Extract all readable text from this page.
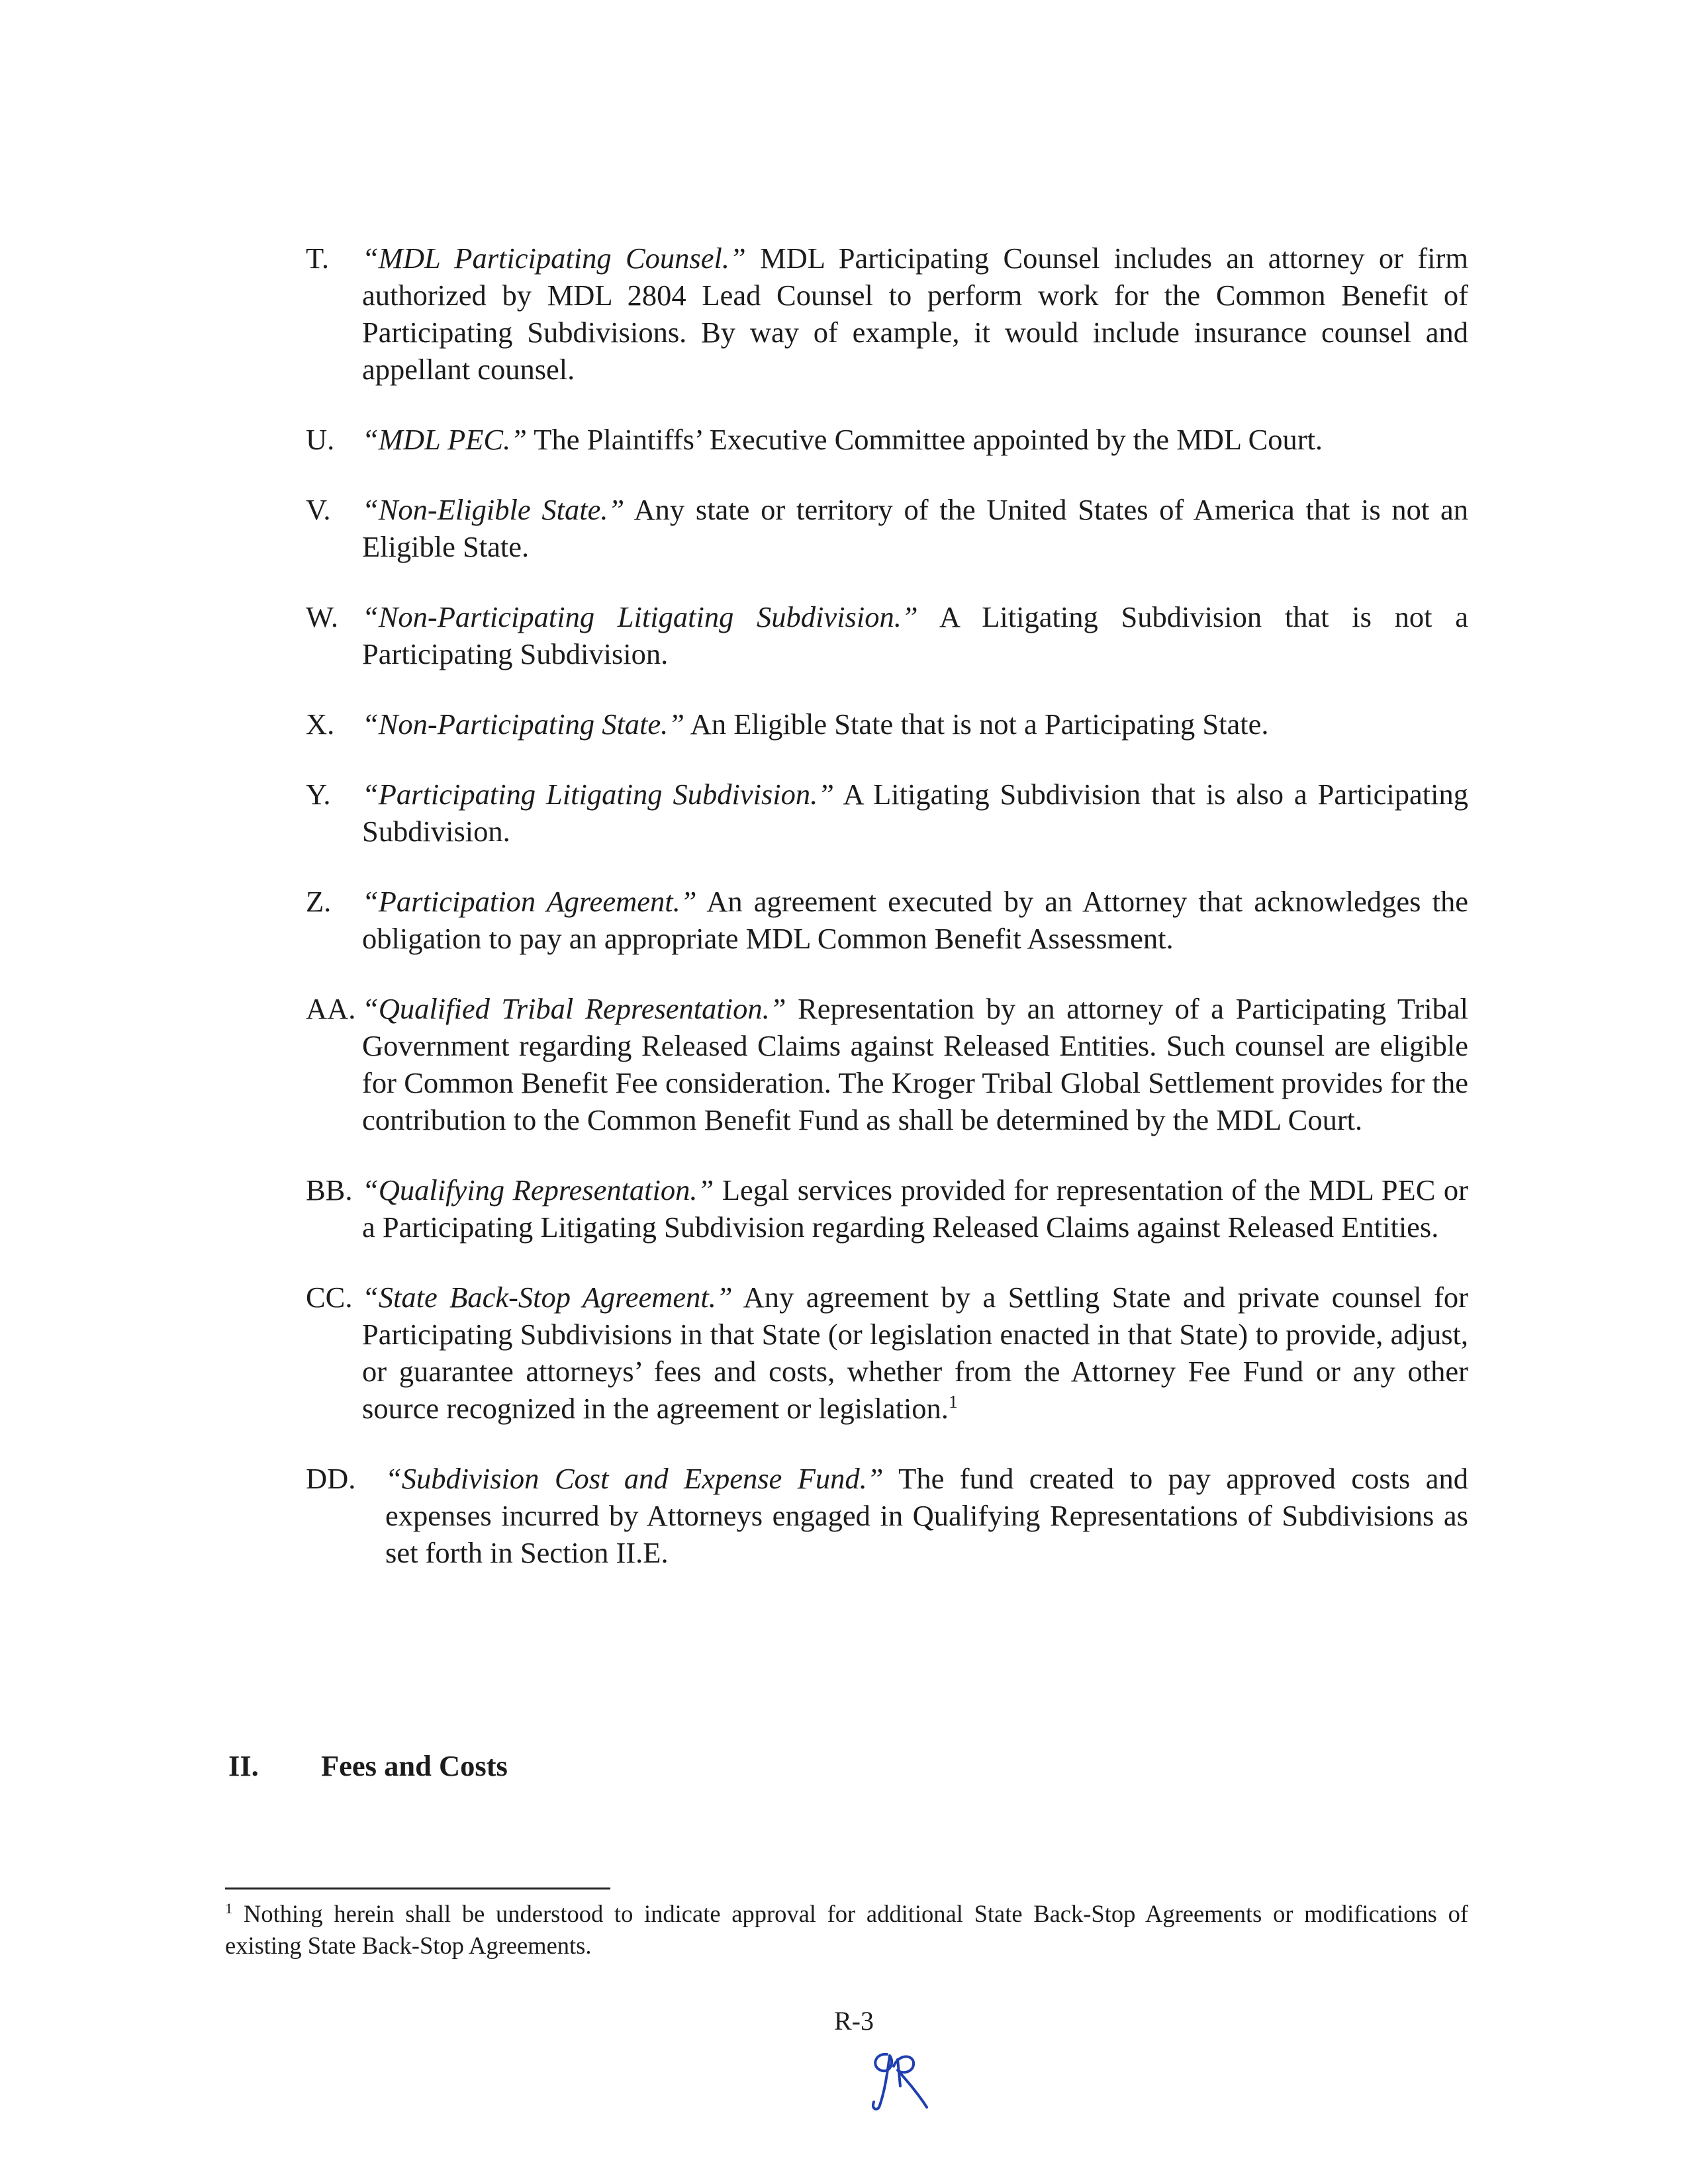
T. “MDL Participating Counsel.” MDL Participating Counsel includes an attorney or firm authorized by MDL 2804 Lead Counsel to perform work for the Common Benefit of Participating Subdivisions. By way of example, it would include insurance counsel and appellant counsel.
U. “MDL PEC.” The Plaintiffs’ Executive Committee appointed by the MDL Court.
V. “Non-Eligible State.” Any state or territory of the United States of America that is not an Eligible State.
W. “Non-Participating Litigating Subdivision.” A Litigating Subdivision that is not a Participating Subdivision.
X. “Non-Participating State.” An Eligible State that is not a Participating State.
Y. “Participating Litigating Subdivision.” A Litigating Subdivision that is also a Participating Subdivision.
Z. “Participation Agreement.” An agreement executed by an Attorney that acknowledges the obligation to pay an appropriate MDL Common Benefit Assessment.
AA. “Qualified Tribal Representation.” Representation by an attorney of a Participating Tribal Government regarding Released Claims against Released Entities. Such counsel are eligible for Common Benefit Fee consideration. The Kroger Tribal Global Settlement provides for the contribution to the Common Benefit Fund as shall be determined by the MDL Court.
BB. “Qualifying Representation.” Legal services provided for representation of the MDL PEC or a Participating Litigating Subdivision regarding Released Claims against Released Entities.
CC. “State Back-Stop Agreement.” Any agreement by a Settling State and private counsel for Participating Subdivisions in that State (or legislation enacted in that State) to provide, adjust, or guarantee attorneys’ fees and costs, whether from the Attorney Fee Fund or any other source recognized in the agreement or legislation.$^1$
DD. “Subdivision Cost and Expense Fund.” The fund created to pay approved costs and expenses incurred by Attorneys engaged in Qualifying Representations of Subdivisions as set forth in Section II.E.
II. Fees and Costs
$^1$ Nothing herein shall be understood to indicate approval for additional State Back-Stop Agreements or modifications of existing State Back-Stop Agreements.
R-3
